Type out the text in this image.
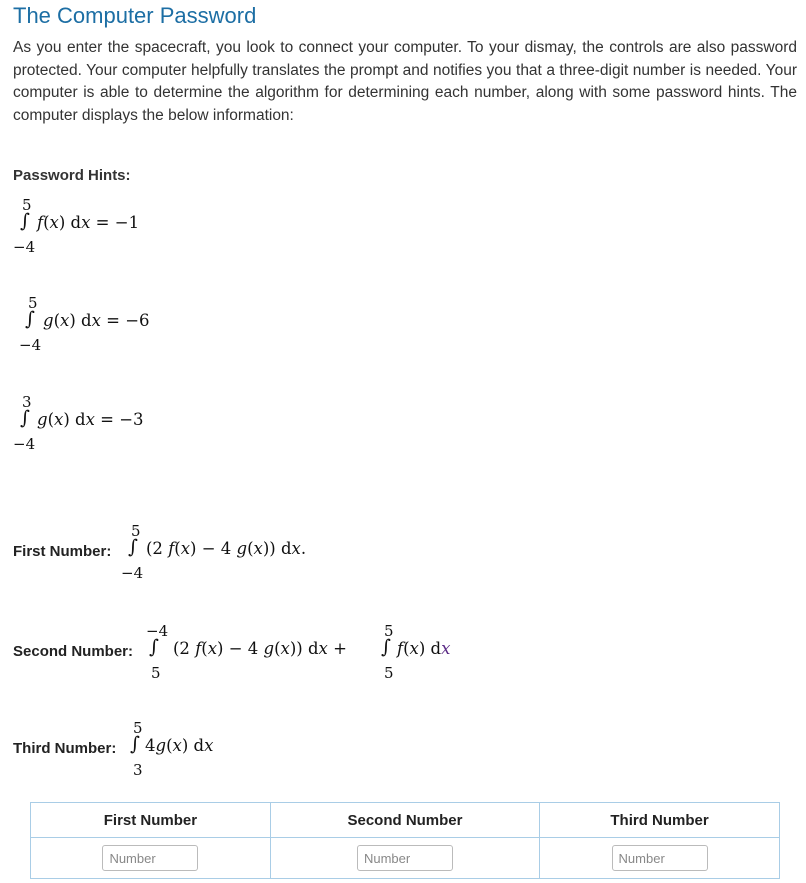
The Computer Password

As you enter the spacecraft, you look to connect your computer. To your dismay, the controls are also password protected. Your computer helpfully translates the prompt and notifies you that a three-digit number is needed. Your computer is able to determine the algorithm for determining each number, along with some password hints. The computer displays the below information:

Password Hints:
5
∫
−4
f(x) dx = −1
5
∫
−4
g(x) dx = −6
3
∫
−4
g(x) dx = −3
First Number:
5
∫
−4
(2 f(x) − 4 g(x)) dx.
Second Number:
−4
∫
5
(2 f(x) − 4 g(x)) dx +
5
∫
5
f(x) dx
Third Number:
5
∫
3
4g(x) dx
First Number	Second Number	Third Number
Number	Number	Number
